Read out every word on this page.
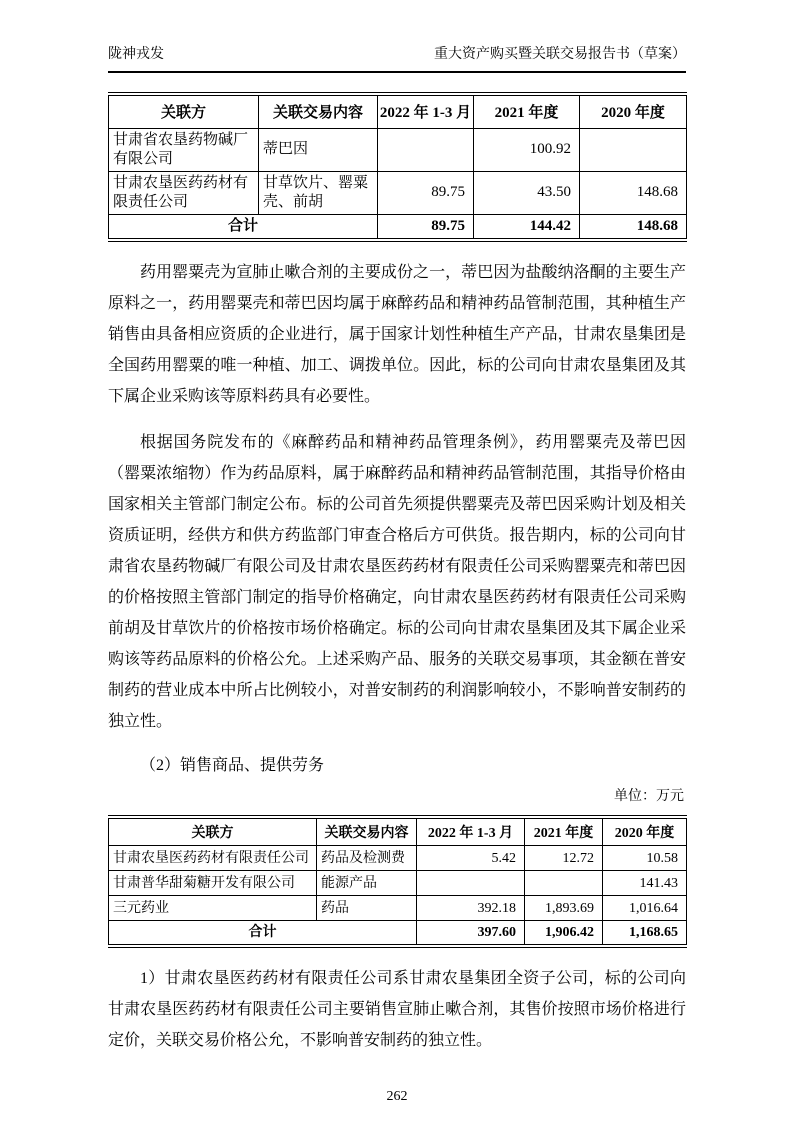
陇神戎发	重大资产购买暨关联交易报告书（草案）
关联方	关联交易内容	2022 年 1-3 月	2021 年度	2020 年度
甘肃省农垦药物碱厂有限公司	蒂巴因		100.92	
甘肃农垦医药药材有限责任公司	甘草饮片、罂粟壳、前胡	89.75	43.50	148.68
合计		89.75	144.42	148.68

药用罂粟壳为宣肺止嗽合剂的主要成份之一，蒂巴因为盐酸纳洛酮的主要生产原料之一，药用罂粟壳和蒂巴因均属于麻醉药品和精神药品管制范围，其种植生产销售由具备相应资质的企业进行，属于国家计划性种植生产产品，甘肃农垦集团是全国药用罂粟的唯一种植、加工、调拨单位。因此，标的公司向甘肃农垦集团及其下属企业采购该等原料药具有必要性。

根据国务院发布的《麻醉药品和精神药品管理条例》，药用罂粟壳及蒂巴因（罂粟浓缩物）作为药品原料，属于麻醉药品和精神药品管制范围，其指导价格由国家相关主管部门制定公布。标的公司首先须提供罂粟壳及蒂巴因采购计划及相关资质证明，经供方和供方药监部门审查合格后方可供货。报告期内，标的公司向甘肃省农垦药物碱厂有限公司及甘肃农垦医药药材有限责任公司采购罂粟壳和蒂巴因的价格按照主管部门制定的指导价格确定，向甘肃农垦医药药材有限责任公司采购前胡及甘草饮片的价格按市场价格确定。标的公司向甘肃农垦集团及其下属企业采购该等药品原料的价格公允。上述采购产品、服务的关联交易事项，其金额在普安制药的营业成本中所占比例较小，对普安制药的利润影响较小，不影响普安制药的独立性。

（2）销售商品、提供劳务

单位：万元
关联方	关联交易内容	2022 年 1-3 月	2021 年度	2020 年度
甘肃农垦医药药材有限责任公司	药品及检测费	5.42	12.72	10.58
甘肃普华甜菊糖开发有限公司	能源产品			141.43
三元药业	药品	392.18	1,893.69	1,016.64
合计		397.60	1,906.42	1,168.65

1）甘肃农垦医药药材有限责任公司系甘肃农垦集团全资子公司，标的公司向甘肃农垦医药药材有限责任公司主要销售宣肺止嗽合剂，其售价按照市场价格进行定价，关联交易价格公允，不影响普安制药的独立性。

262
